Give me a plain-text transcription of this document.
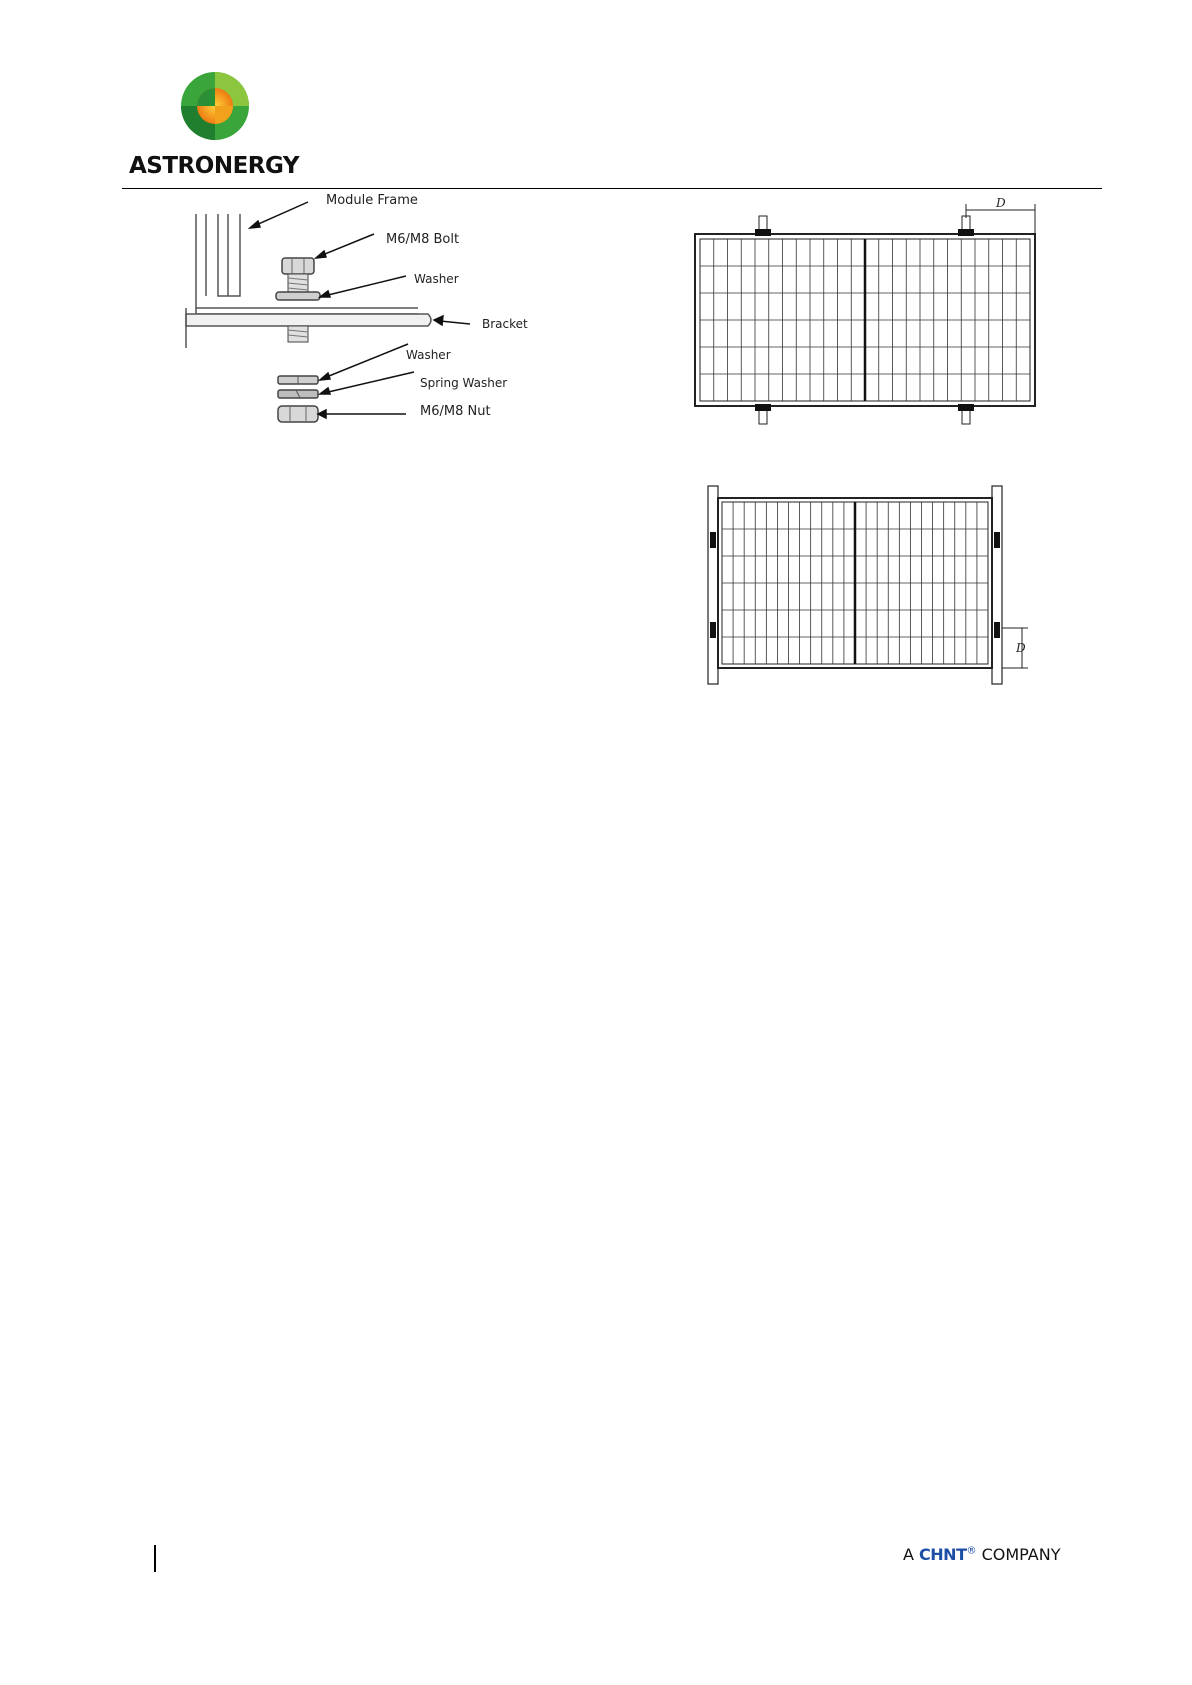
ASTRONERGY
Module Frame
M6/M8 Bolt
Washer
Bracket
Washer
Spring Washer
M6/M8 Nut
D
D
A CHNT® COMPANY
